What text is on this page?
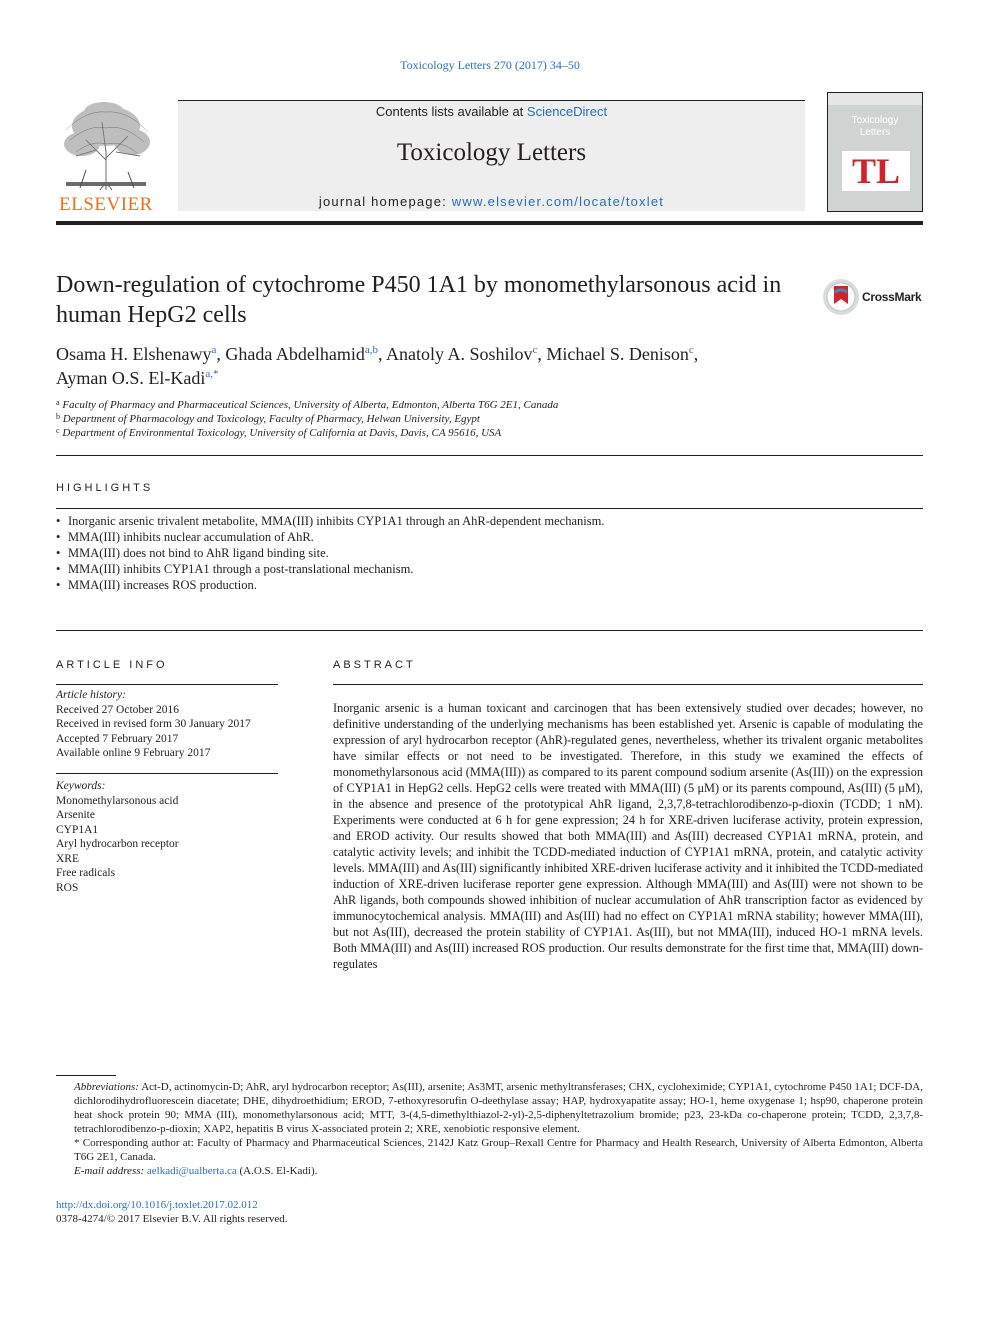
Toxicology Letters 270 (2017) 34–50
ELSEVIER
Contents lists available at ScienceDirect
Toxicology Letters
journal homepage: www.elsevier.com/locate/toxlet
Toxicology
Letters
TL
Down-regulation of cytochrome P450 1A1 by monomethylarsonous acid in human HepG2 cells
CrossMark
Osama H. Elshenawy$^a$, Ghada Abdelhamid$^{a,b}$, Anatoly A. Soshilov$^c$, Michael S. Denison$^c$,
Ayman O.S. El-Kadi$^{a,*}$
$^a$ Faculty of Pharmacy and Pharmaceutical Sciences, University of Alberta, Edmonton, Alberta T6G 2E1, Canada
$^b$ Department of Pharmacology and Toxicology, Faculty of Pharmacy, Helwan University, Egypt
$^c$ Department of Environmental Toxicology, University of California at Davis, Davis, CA 95616, USA
HIGHLIGHTS
• Inorganic arsenic trivalent metabolite, MMA(III) inhibits CYP1A1 through an AhR-dependent mechanism.
• MMA(III) inhibits nuclear accumulation of AhR.
• MMA(III) does not bind to AhR ligand binding site.
• MMA(III) inhibits CYP1A1 through a post-translational mechanism.
• MMA(III) increases ROS production.
ARTICLE INFO
Article history:
Received 27 October 2016
Received in revised form 30 January 2017
Accepted 7 February 2017
Available online 9 February 2017
Keywords:
Monomethylarsonous acid
Arsenite
CYP1A1
Aryl hydrocarbon receptor
XRE
Free radicals
ROS
ABSTRACT

Inorganic arsenic is a human toxicant and carcinogen that has been extensively studied over decades; however, no definitive understanding of the underlying mechanisms has been established yet. Arsenic is capable of modulating the expression of aryl hydrocarbon receptor (AhR)-regulated genes, nevertheless, whether its trivalent organic metabolites have similar effects or not need to be investigated. Therefore, in this study we examined the effects of monomethylarsonous acid (MMA(III)) as compared to its parent compound sodium arsenite (As(III)) on the expression of CYP1A1 in HepG2 cells. HepG2 cells were treated with MMA(III) (5 μM) or its parents compound, As(III) (5 μM), in the absence and presence of the prototypical AhR ligand, 2,3,7,8-tetrachlorodibenzo-p-dioxin (TCDD; 1 nM). Experiments were conducted at 6 h for gene expression; 24 h for XRE-driven luciferase activity, protein expression, and EROD activity. Our results showed that both MMA(III) and As(III) decreased CYP1A1 mRNA, protein, and catalytic activity levels; and inhibit the TCDD-mediated induction of CYP1A1 mRNA, protein, and catalytic activity levels. MMA(III) and As(III) significantly inhibited XRE-driven luciferase activity and it inhibited the TCDD-mediated induction of XRE-driven luciferase reporter gene expression. Although MMA(III) and As(III) were not shown to be AhR ligands, both compounds showed inhibition of nuclear accumulation of AhR transcription factor as evidenced by immunocytochemical analysis. MMA(III) and As(III) had no effect on CYP1A1 mRNA stability; however MMA(III), but not As(III), decreased the protein stability of CYP1A1. As(III), but not MMA(III), induced HO-1 mRNA levels. Both MMA(III) and As(III) increased ROS production. Our results demonstrate for the first time that, MMA(III) down-regulates

Abbreviations: Act-D, actinomycin-D; AhR, aryl hydrocarbon receptor; As(III), arsenite; As3MT, arsenic methyltransferases; CHX, cycloheximide; CYP1A1, cytochrome P450 1A1; DCF-DA, dichlorodihydrofluorescein diacetate; DHE, dihydroethidium; EROD, 7-ethoxyresorufin O-deethylase assay; HAP, hydroxyapatite assay; HO-1, heme oxygenase 1; hsp90, chaperone protein heat shock protein 90; MMA (III), monomethylarsonous acid; MTT, 3-(4,5-dimethylthiazol-2-yl)-2,5-diphenyltetrazolium bromide; p23, 23-kDa co-chaperone protein; TCDD, 2,3,7,8-tetrachlorodibenzo-p-dioxin; XAP2, hepatitis B virus X-associated protein 2; XRE, xenobiotic responsive element.

* Corresponding author at: Faculty of Pharmacy and Pharmaceutical Sciences, 2142J Katz Group–Rexall Centre for Pharmacy and Health Research, University of Alberta Edmonton, Alberta T6G 2E1, Canada.

E-mail address: aelkadi@ualberta.ca (A.O.S. El-Kadi).

http://dx.doi.org/10.1016/j.toxlet.2017.02.012
0378-4274/© 2017 Elsevier B.V. All rights reserved.
